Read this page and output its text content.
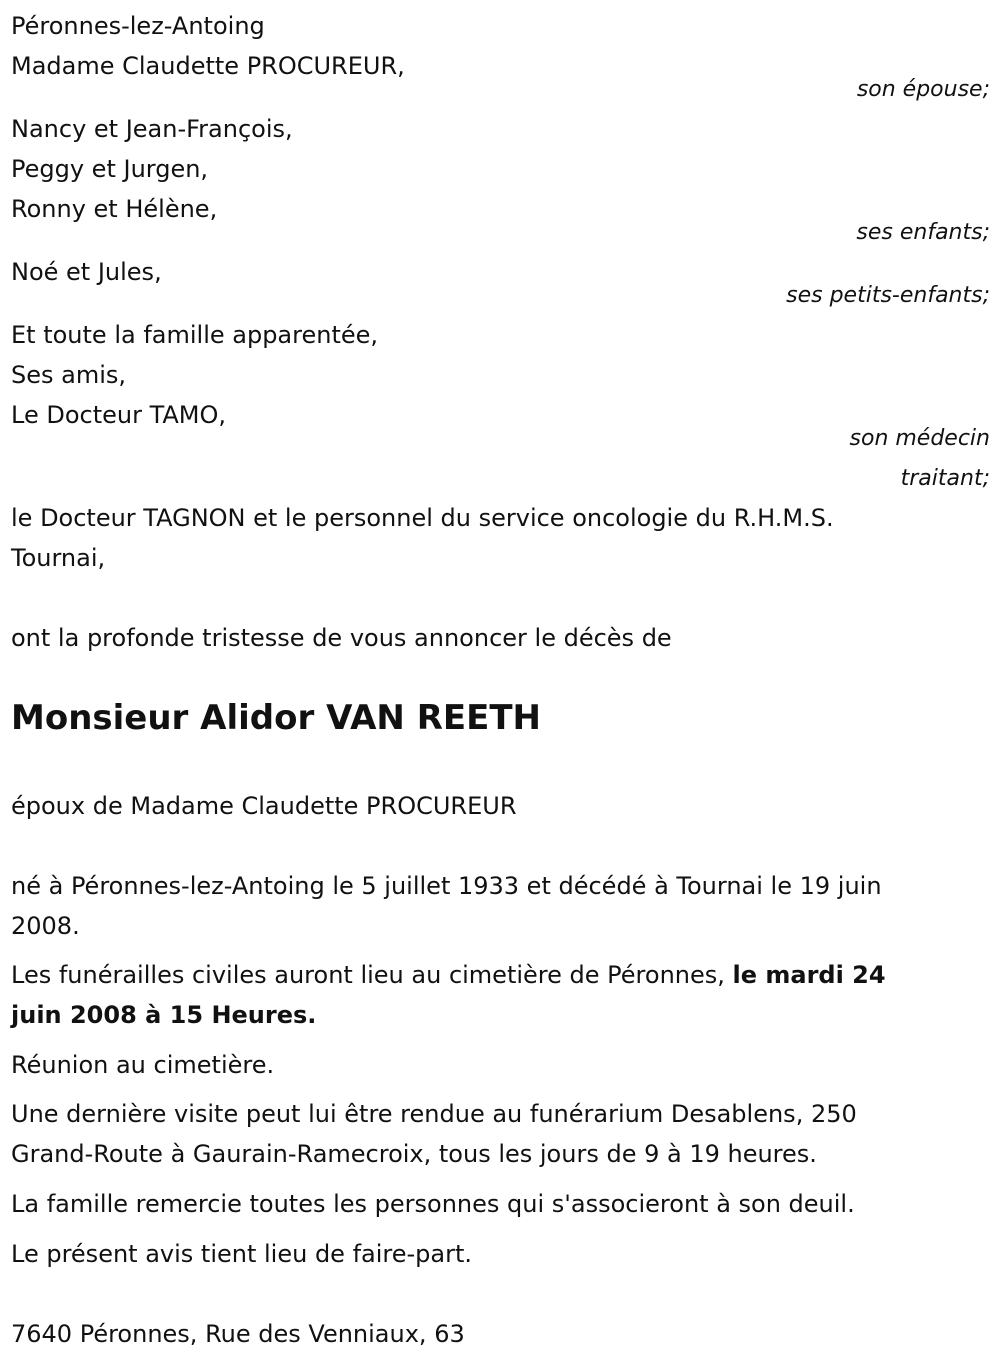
Péronnes-lez-Antoing

Madame Claudette PROCUREUR,

son épouse;

Nancy et Jean-François,

Peggy et Jurgen,

Ronny et Hélène,

ses enfants;

Noé et Jules,

ses petits-enfants;

Et toute la famille apparentée,

Ses amis,

Le Docteur TAMO,

son médecin

traitant;

le Docteur TAGNON et le personnel du service oncologie du R.H.M.S.

Tournai,

ont la profonde tristesse de vous annoncer le décès de

Monsieur Alidor VAN REETH

époux de Madame Claudette PROCUREUR

né à Péronnes-lez-Antoing le 5 juillet 1933 et décédé à Tournai le 19 juin

2008.

Les funérailles civiles auront lieu au cimetière de Péronnes, le mardi 24

juin 2008 à 15 Heures.

Réunion au cimetière.

Une dernière visite peut lui être rendue au funérarium Desablens, 250

Grand-Route à Gaurain-Ramecroix, tous les jours de 9 à 19 heures.

La famille remercie toutes les personnes qui s'associeront à son deuil.

Le présent avis tient lieu de faire-part.

7640 Péronnes, Rue des Venniaux, 63
